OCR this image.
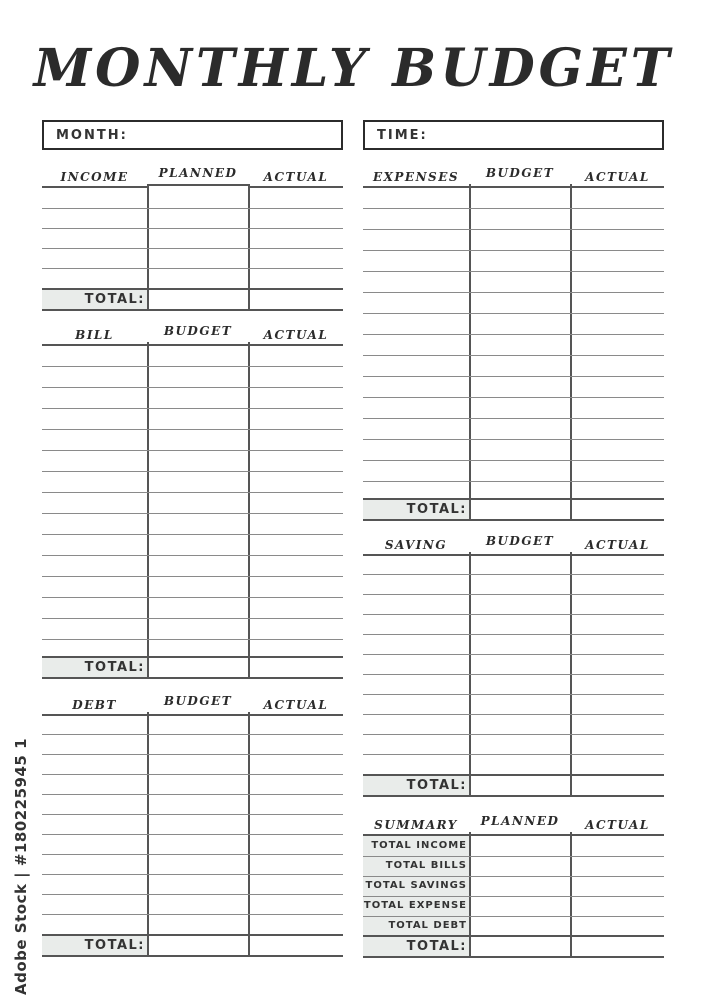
MONTHLY BUDGET
MONTH:	TIME:
INCOME	PLANNED	ACTUAL
TOTAL:
BILL	BUDGET	ACTUAL
TOTAL:
DEBT	BUDGET	ACTUAL
TOTAL:
EXPENSES	BUDGET	ACTUAL
TOTAL:
SAVING	BUDGET	ACTUAL
TOTAL:
SUMMARY	PLANNED	ACTUAL
TOTAL INCOME
TOTAL BILLS
TOTAL SAVINGS
TOTAL EXPENSE
TOTAL DEBT
TOTAL:
Adobe Stock | #180225945 1
